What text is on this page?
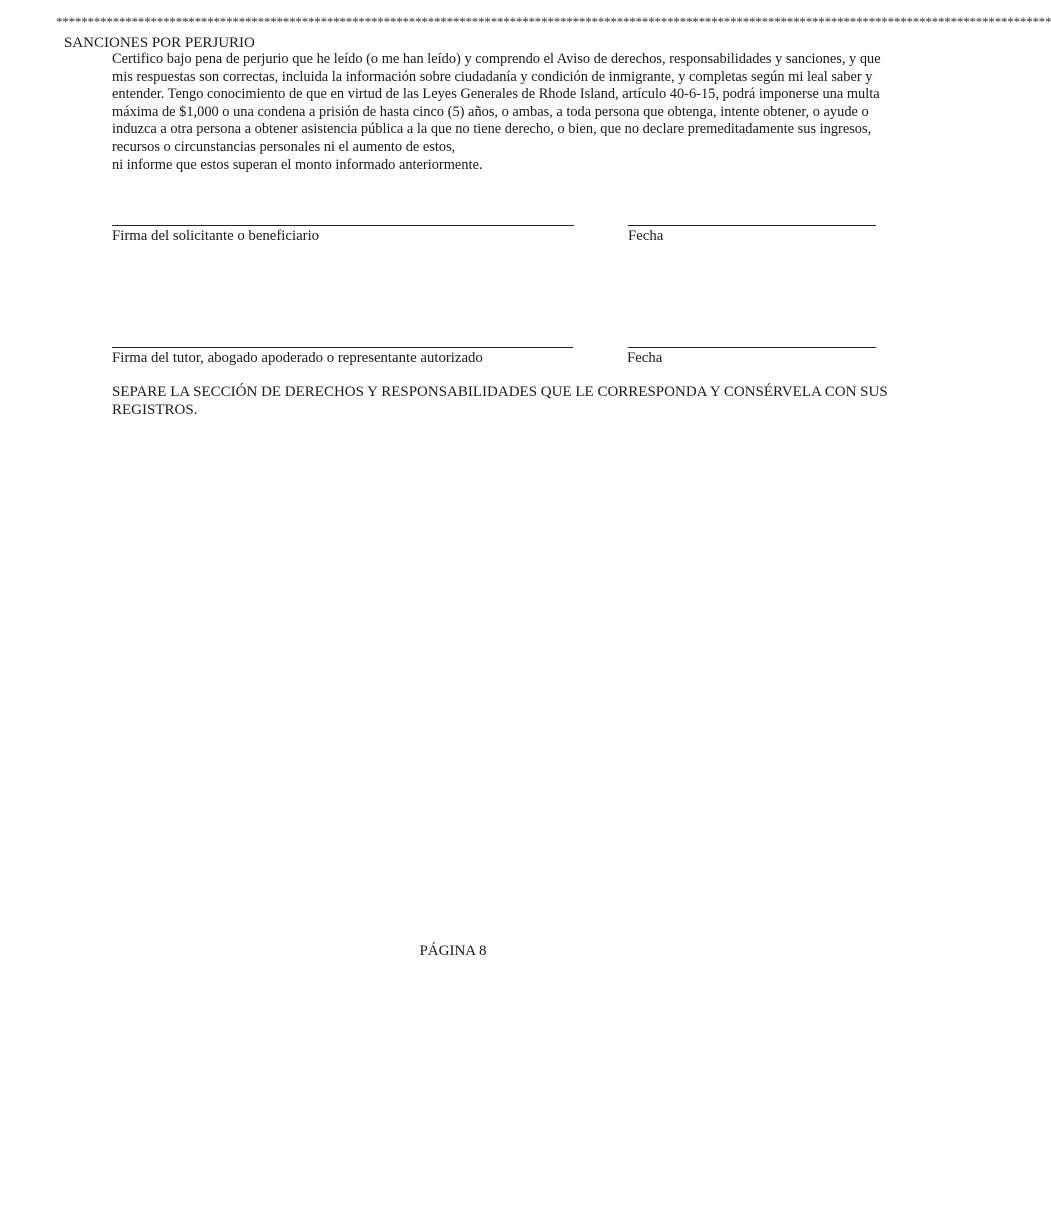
**************************************************************************************************************************************************************
SANCIONES POR PERJURIO

Certifico bajo pena de perjurio que he leído (o me han leído) y comprendo el Aviso de derechos, responsabilidades y sanciones, y que mis respuestas son correctas, incluida la información sobre ciudadanía y condición de inmigrante, y completas según mi leal saber y entender. Tengo conocimiento de que en virtud de las Leyes Generales de Rhode Island, artículo 40-6-15, podrá imponerse una multa máxima de $1,000 o una condena a prisión de hasta cinco (5) años, o ambas, a toda persona que obtenga, intente obtener, o ayude o induzca a otra persona a obtener asistencia pública a la que no tiene derecho, o bien, que no declare premeditadamente sus ingresos, recursos o circunstancias personales ni el aumento de estos,
ni informe que estos superan el monto informado anteriormente.

Firma del solicitante o beneficiario	Fecha

Firma del tutor, abogado apoderado o representante autorizado	Fecha

SEPARE LA SECCIÓN DE DERECHOS Y RESPONSABILIDADES QUE LE CORRESPONDA Y CONSÉRVELA CON SUS REGISTROS.

PÁGINA 8
